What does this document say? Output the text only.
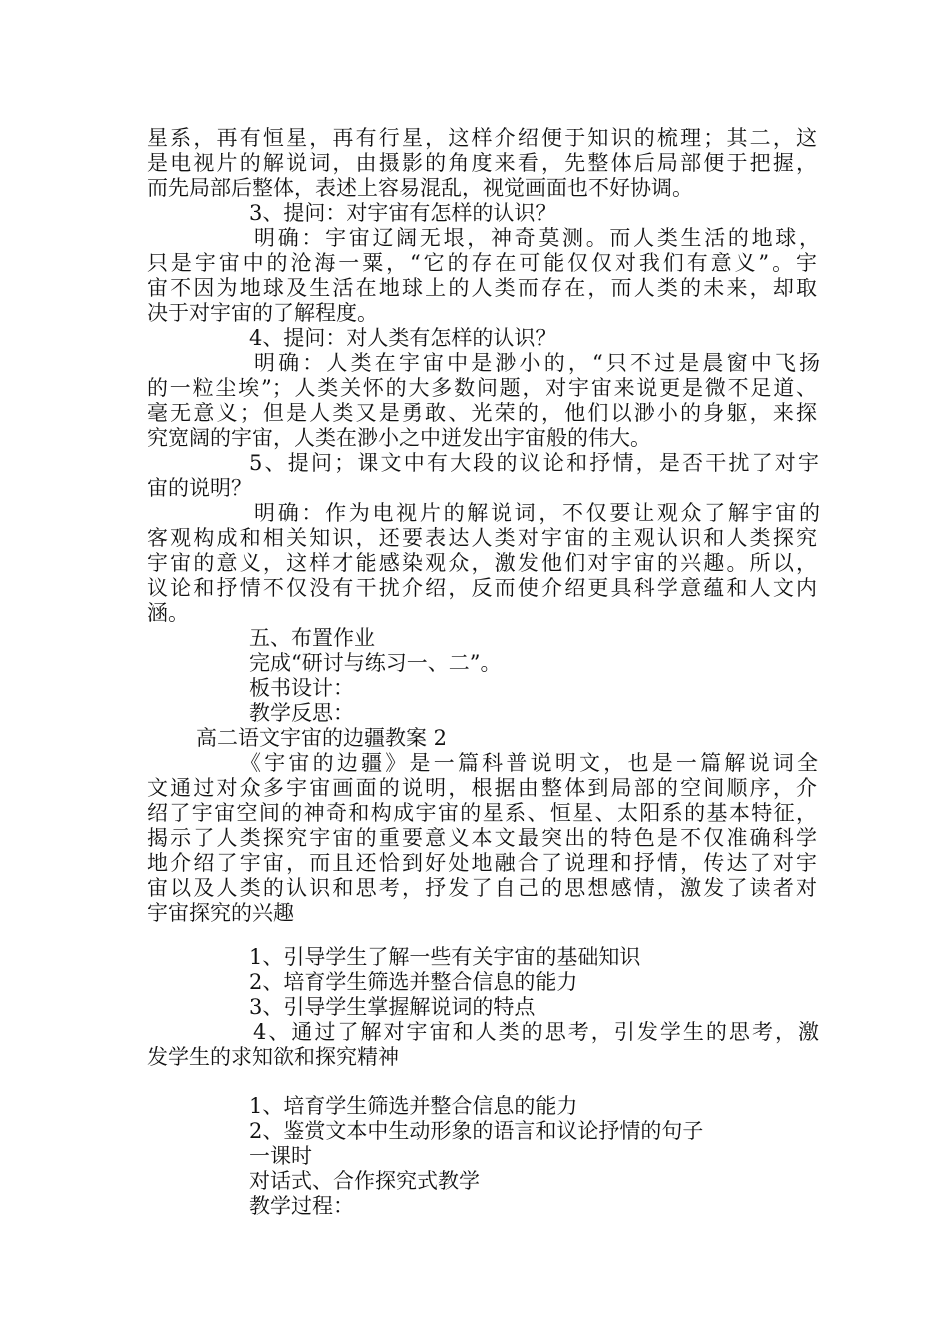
星系，再有恒星，再有行星，这样介绍便于知识的梳理；其二，这
是电视片的解说词，由摄影的角度来看，先整体后局部便于把握，
而先局部后整体，表述上容易混乱，视觉画面也不好协调。
3、提问：对宇宙有怎样的认识？
明确：宇宙辽阔无垠，神奇莫测。而人类生活的地球，
只是宇宙中的沧海一粟，“它的存在可能仅仅对我们有意义”。宇
宙不因为地球及生活在地球上的人类而存在，而人类的未来，却取
决于对宇宙的了解程度。
4、提问：对人类有怎样的认识？
明确：人类在宇宙中是渺小的，“只不过是晨窗中飞扬
的一粒尘埃”；人类关怀的大多数问题，对宇宙来说更是微不足道、
毫无意义；但是人类又是勇敢、光荣的，他们以渺小的身躯，来探
究宽阔的宇宙，人类在渺小之中迸发出宇宙般的伟大。
5、提问；课文中有大段的议论和抒情，是否干扰了对宇
宙的说明？
明确：作为电视片的解说词，不仅要让观众了解宇宙的
客观构成和相关知识，还要表达人类对宇宙的主观认识和人类探究
宇宙的意义，这样才能感染观众，激发他们对宇宙的兴趣。所以，
议论和抒情不仅没有干扰介绍，反而使介绍更具科学意蕴和人文内
涵。
五、布置作业
完成“研讨与练习一、二”。
板书设计：
教学反思：
高二语文宇宙的边疆教案 2
《宇宙的边疆》是一篇科普说明文，也是一篇解说词全
文通过对众多宇宙画面的说明，根据由整体到局部的空间顺序，介
绍了宇宙空间的神奇和构成宇宙的星系、恒星、太阳系的基本特征，
揭示了人类探究宇宙的重要意义本文最突出的特色是不仅准确科学
地介绍了宇宙，而且还恰到好处地融合了说理和抒情，传达了对宇
宙以及人类的认识和思考，抒发了自己的思想感情，激发了读者对
宇宙探究的兴趣
1、引导学生了解一些有关宇宙的基础知识
2、培育学生筛选并整合信息的能力
3、引导学生掌握解说词的特点
4、通过了解对宇宙和人类的思考，引发学生的思考，激
发学生的求知欲和探究精神
1、培育学生筛选并整合信息的能力
2、鉴赏文本中生动形象的语言和议论抒情的句子
一课时
对话式、合作探究式教学
教学过程：
